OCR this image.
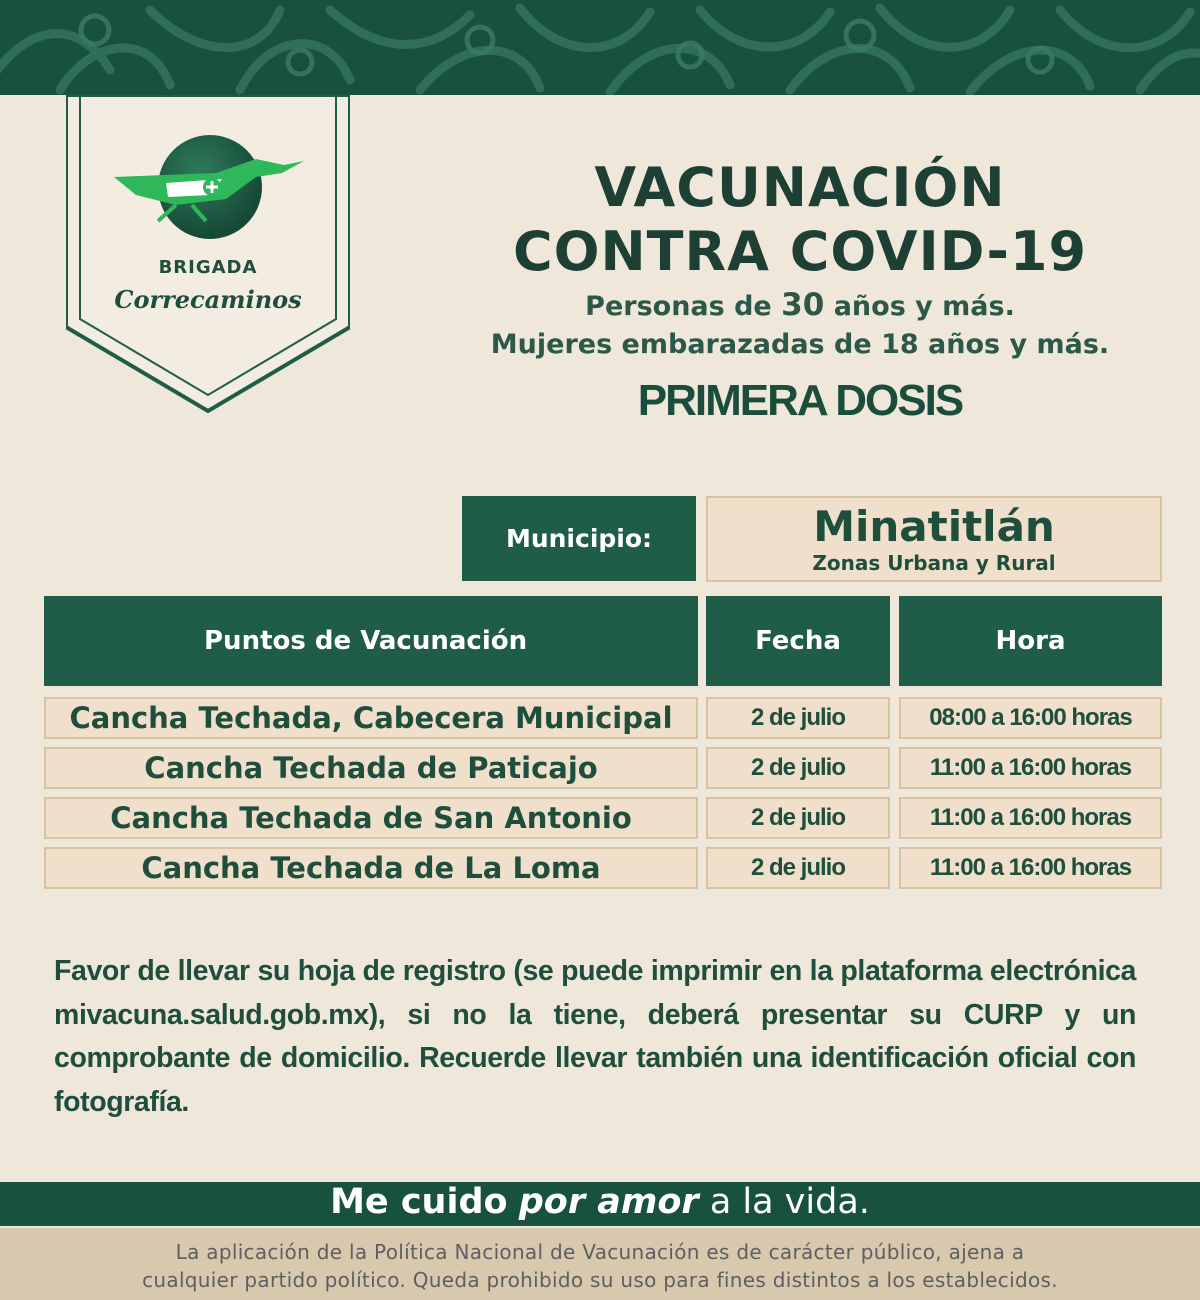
BRIGADA
Correcaminos
VACUNACIÓN
CONTRA COVID-19
Personas de 30 años y más.
Mujeres embarazadas de 18 años y más.
PRIMERA DOSIS
Municipio:	Minatitlán
Zonas Urbana y Rural
Puntos de Vacunación	Fecha	Hora
Cancha Techada, Cabecera Municipal	2 de julio	08:00 a 16:00 horas
Cancha Techada de Paticajo	2 de julio	11:00 a 16:00 horas
Cancha Techada de San Antonio	2 de julio	11:00 a 16:00 horas
Cancha Techada de La Loma	2 de julio	11:00 a 16:00 horas
Favor de llevar su hoja de registro (se puede imprimir en la plataforma electrónica mivacuna.salud.gob.mx), si no la tiene, deberá presentar su CURP y un comprobante de domicilio. Recuerde llevar también una identificación oficial con fotografía.
Me cuido por amor a la vida.
La aplicación de la Política Nacional de Vacunación es de carácter público, ajena a
cualquier partido político. Queda prohibido su uso para fines distintos a los establecidos.
